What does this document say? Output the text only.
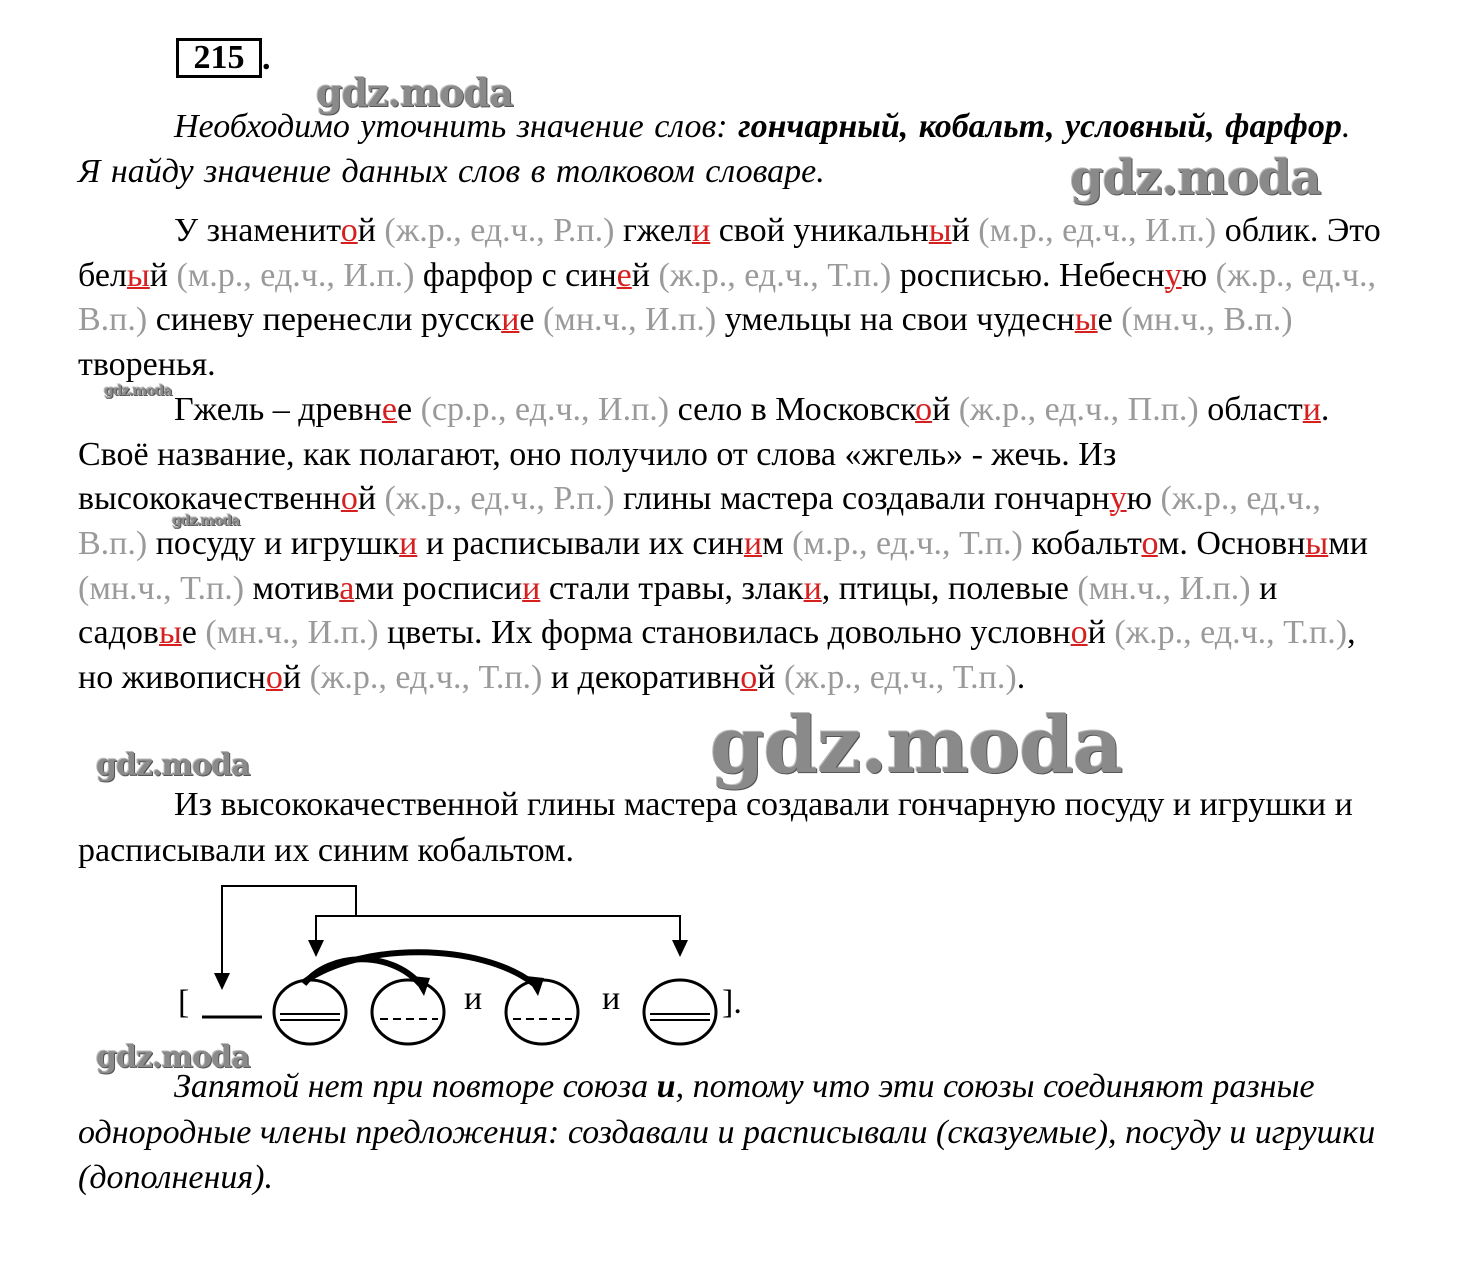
215 .
gdz.moda
gdz.moda
gdz.moda
gdz.moda
gdz.moda
gdz.moda
gdz.moda
Необходимо уточнить значение слов: гончарный, кобальт, условный, фарфор. Я найду значение данных слов в толковом словаре.

У знаменитой (ж.р., ед.ч., Р.п.) гжели свой уникальный (м.р., ед.ч., И.п.) облик. Это белый (м.р., ед.ч., И.п.) фарфор с синей (ж.р., ед.ч., Т.п.) росписью. Небесную (ж.р., ед.ч., В.п.) синеву перенесли русские (мн.ч., И.п.) умельцы на свои чудесные (мн.ч., В.п.) творенья.

Гжель – древнее (ср.р., ед.ч., И.п.) село в Московской (ж.р., ед.ч., П.п.) области. Своё название, как полагают, оно получило от слова «жгель» - жечь. Из высококачественной (ж.р., ед.ч., Р.п.) глины мастера создавали гончарную (ж.р., ед.ч., В.п.) посуду и игрушки и расписывали их синим (м.р., ед.ч., Т.п.) кобальтом. Основными (мн.ч., Т.п.) мотивами росписии стали травы, злаки, птицы, полевые (мн.ч., И.п.) и садовые (мн.ч., И.п.) цветы. Их форма становилась довольно условной (ж.р., ед.ч., Т.п.), но живописной (ж.р., ед.ч., Т.п.) и декоративной (ж.р., ед.ч., Т.п.).

Из высококачественной глины мастера создавали гончарную посуду и игрушки и расписывали их синим кобальтом.
[	и	и	].
Запятой нет при повторе союза и, потому что эти союзы соединяют разные однородные члены предложения: создавали и расписывали (сказуемые), посуду и игрушки (дополнения).
